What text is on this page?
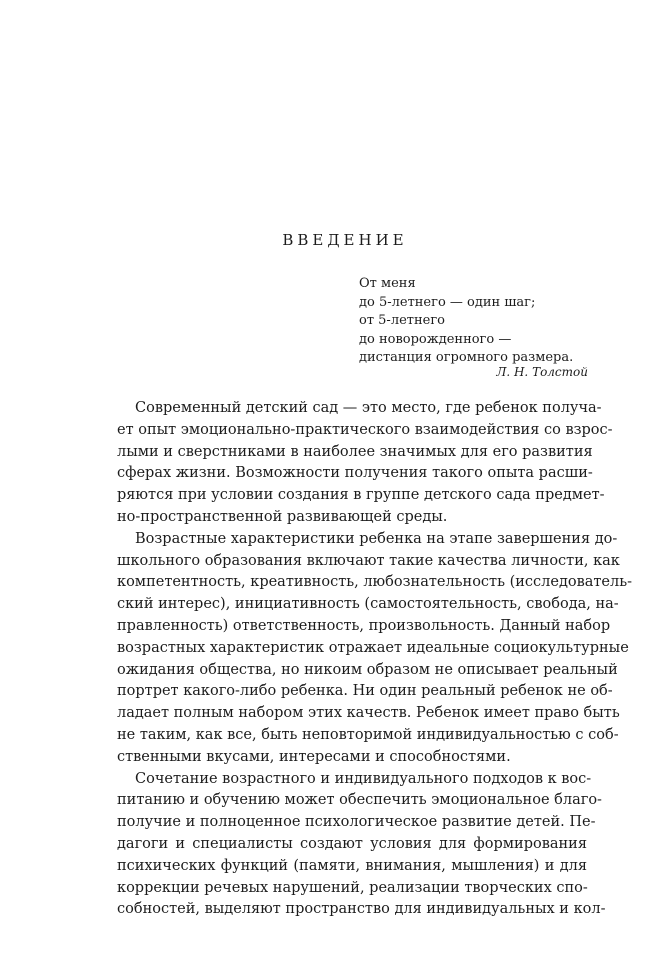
ВВЕДЕНИЕ
От меня
до 5-летнего — один шаг;
от 5-летнего
до новорожденного —
дистанция огромного размера.
Л. Н. Толстой
Современный детский сад — это место, где ребенок получа-
ет опыт эмоционально-практического взаимодействия со взрос-
лыми и сверстниками в наиболее значимых для его развития
сферах жизни. Возможности получения такого опыта расши-
ряются при условии создания в группе детского сада предмет-
но-пространственной развивающей среды.
Возрастные характеристики ребенка на этапе завершения до-
школьного образования включают такие качества личности, как
компетентность, креативность, любознательность (исследователь-
ский интерес), инициативность (самостоятельность, свобода, на-
правленность) ответственность, произвольность. Данный набор
возрастных характеристик отражает идеальные социокультурные
ожидания общества, но никоим образом не описывает реальный
портрет какого-либо ребенка. Ни один реальный ребенок не об-
ладает полным набором этих качеств. Ребенок имеет право быть
не таким, как все, быть неповторимой индивидуальностью с соб-
ственными вкусами, интересами и способностями.
Сочетание возрастного и индивидуального подходов к вос-
питанию и обучению может обеспечить эмоциональное благо-
получие и полноценное психологическое развитие детей. Пе-
дагоги и специалисты создают условия для формирования
психических функций (памяти, внимания, мышления) и для
коррекции речевых нарушений, реализации творческих спо-
собностей, выделяют пространство для индивидуальных и кол-
